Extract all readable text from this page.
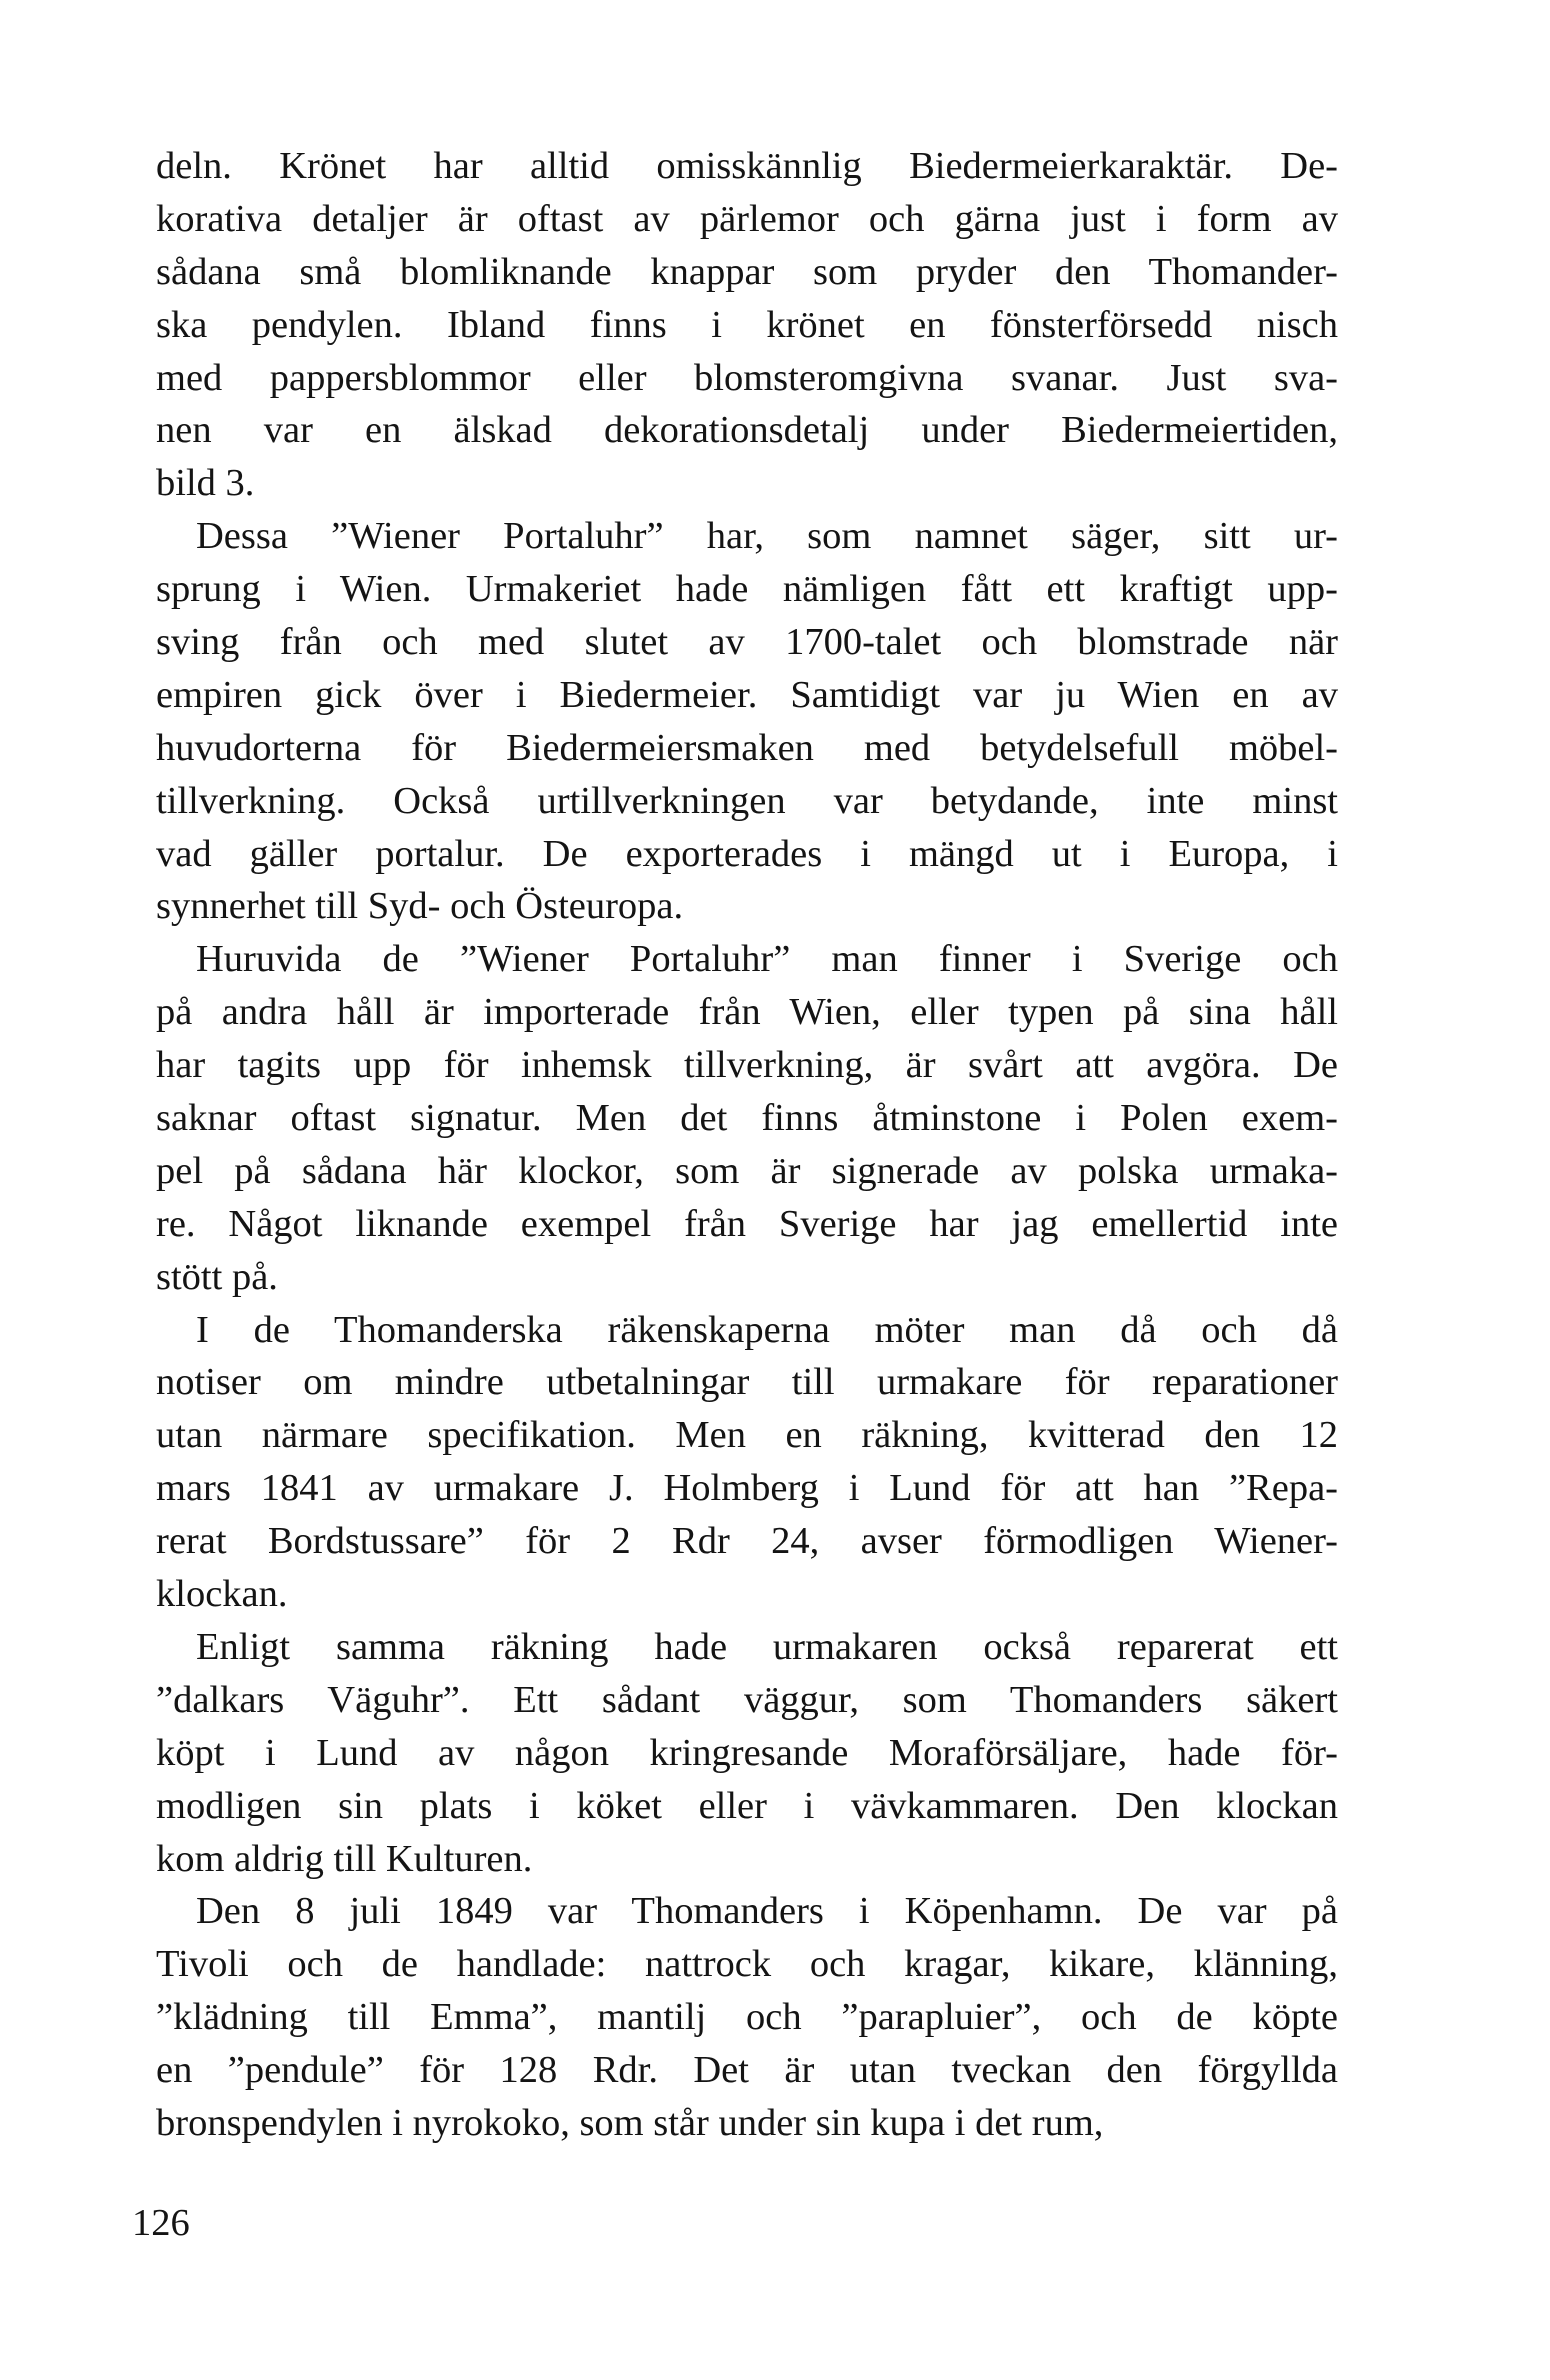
deln. Krönet har alltid omisskännlig Biedermeierkaraktär. De-
korativa detaljer är oftast av pärlemor och gärna just i form av
sådana små blomliknande knappar som pryder den Thomander-
ska pendylen. Ibland finns i krönet en fönsterförsedd nisch
med pappersblommor eller blomsteromgivna svanar. Just sva-
nen var en älskad dekorationsdetalj under Biedermeiertiden,
bild 3.
Dessa ”Wiener Portaluhr” har, som namnet säger, sitt ur-
sprung i Wien. Urmakeriet hade nämligen fått ett kraftigt upp-
sving från och med slutet av 1700-talet och blomstrade när
empiren gick över i Biedermeier. Samtidigt var ju Wien en av
huvudorterna för Biedermeiersmaken med betydelsefull möbel-
tillverkning. Också urtillverkningen var betydande, inte minst
vad gäller portalur. De exporterades i mängd ut i Europa, i
synnerhet till Syd- och Östeuropa.
Huruvida de ”Wiener Portaluhr” man finner i Sverige och
på andra håll är importerade från Wien, eller typen på sina håll
har tagits upp för inhemsk tillverkning, är svårt att avgöra. De
saknar oftast signatur. Men det finns åtminstone i Polen exem-
pel på sådana här klockor, som är signerade av polska urmaka-
re. Något liknande exempel från Sverige har jag emellertid inte
stött på.
I de Thomanderska räkenskaperna möter man då och då
notiser om mindre utbetalningar till urmakare för reparationer
utan närmare specifikation. Men en räkning, kvitterad den 12
mars 1841 av urmakare J. Holmberg i Lund för att han ”Repa-
rerat Bordstussare” för 2 Rdr 24, avser förmodligen Wiener-
klockan.
Enligt samma räkning hade urmakaren också reparerat ett
”dalkars Väguhr”. Ett sådant väggur, som Thomanders säkert
köpt i Lund av någon kringresande Moraförsäljare, hade för-
modligen sin plats i köket eller i vävkammaren. Den klockan
kom aldrig till Kulturen.
Den 8 juli 1849 var Thomanders i Köpenhamn. De var på
Tivoli och de handlade: nattrock och kragar, kikare, klänning,
”klädning till Emma”, mantilj och ”parapluier”, och de köpte
en ”pendule” för 128 Rdr. Det är utan tveckan den förgyllda
bronspendylen i nyrokoko, som står under sin kupa i det rum,
126
